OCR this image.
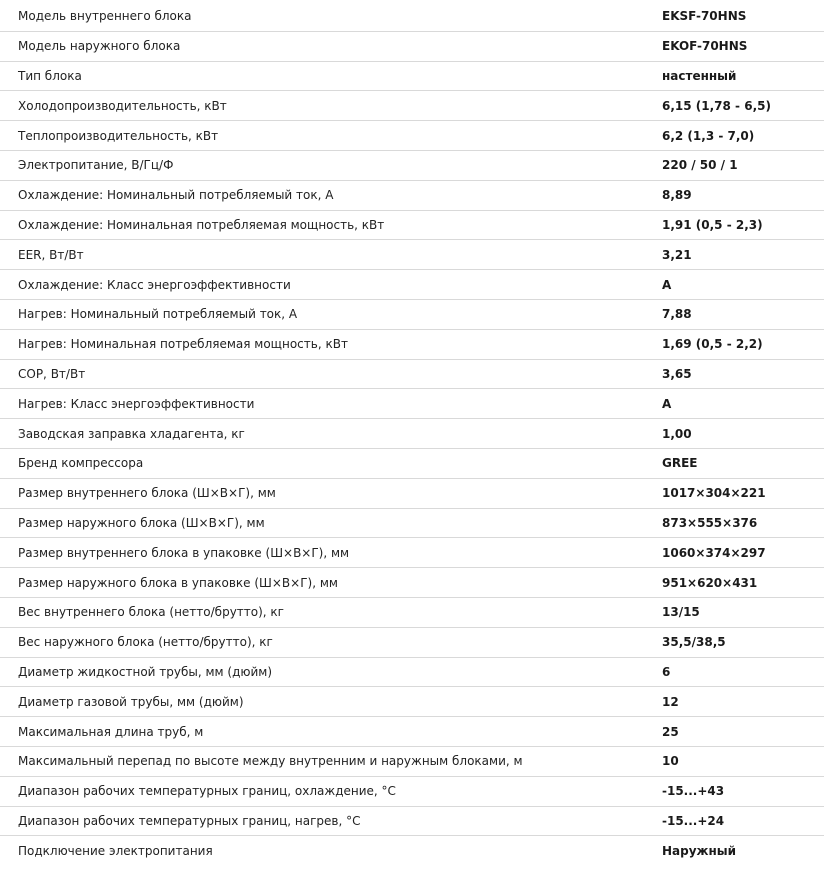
Модель внутреннего блока	EKSF-70HNS
Модель наружного блока	EKOF-70HNS
Тип блока	настенный
Холодопроизводительность, кВт	6,15 (1,78 - 6,5)
Теплопроизводительность, кВт	6,2 (1,3 - 7,0)
Электропитание, В/Гц/Ф	220 / 50 / 1
Охлаждение: Номинальный потребляемый ток, А	8,89
Охлаждение: Номинальная потребляемая мощность, кВт	1,91 (0,5 - 2,3)
EER, Вт/Вт	3,21
Охлаждение: Класс энергоэффективности	A
Нагрев: Номинальный потребляемый ток, А	7,88
Нагрев: Номинальная потребляемая мощность, кВт	1,69 (0,5 - 2,2)
COP, Вт/Вт	3,65
Нагрев: Класс энергоэффективности	A
Заводская заправка хладагента, кг	1,00
Бренд компрессора	GREE
Размер внутреннего блока (Ш×В×Г), мм	1017×304×221
Размер наружного блока (Ш×В×Г), мм	873×555×376
Размер внутреннего блока в упаковке (Ш×В×Г), мм	1060×374×297
Размер наружного блока в упаковке (Ш×В×Г), мм	951×620×431
Вес внутреннего блока (нетто/брутто), кг	13/15
Вес наружного блока (нетто/брутто), кг	35,5/38,5
Диаметр жидкостной трубы, мм (дюйм)	6
Диаметр газовой трубы, мм (дюйм)	12
Максимальная длина труб, м	25
Максимальный перепад по высоте между внутренним и наружным блоками, м	10
Диапазон рабочих температурных границ, охлаждение, °С	-15...+43
Диапазон рабочих температурных границ, нагрев, °С	-15...+24
Подключение электропитания	Наружный
